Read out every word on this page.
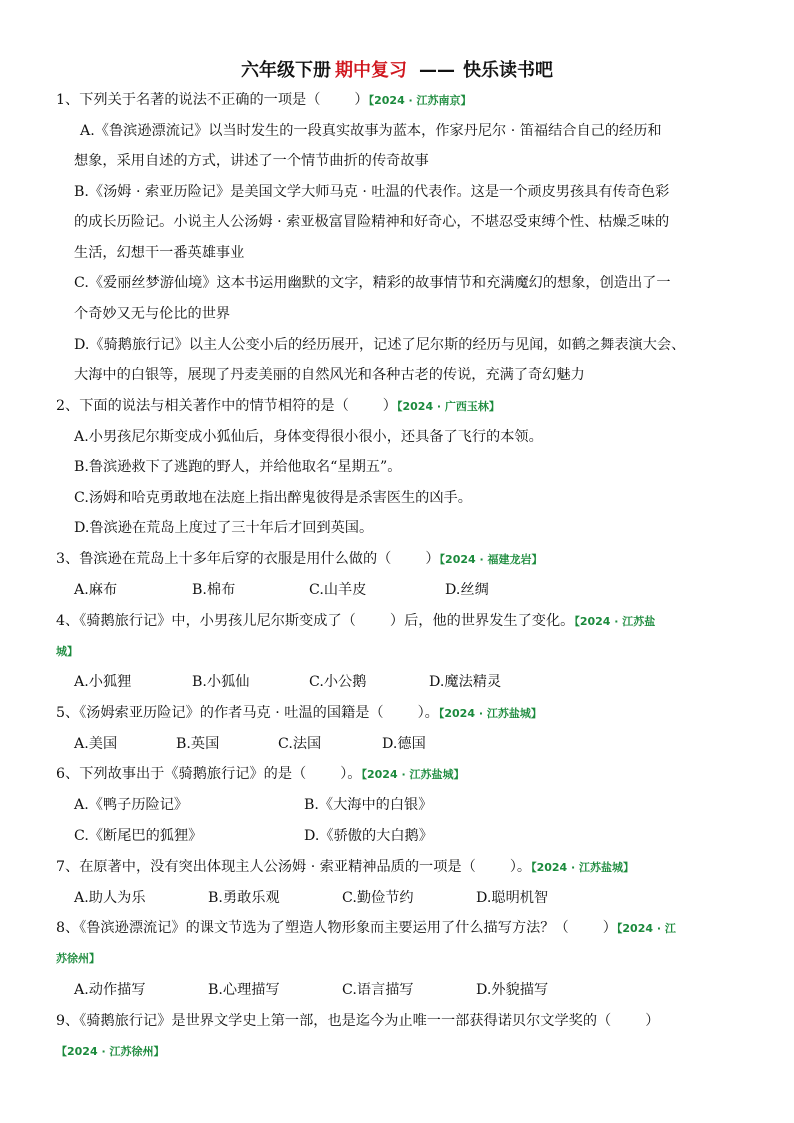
六年级下册 期中复习 —— 快乐读书吧
1、下列关于名著的说法不正确的一项是（ ）【2024 · 江苏南京】
A.《鲁滨逊漂流记》以当时发生的一段真实故事为蓝本，作家丹尼尔 · 笛福结合自己的经历和
想象，采用自述的方式，讲述了一个情节曲折的传奇故事
B.《汤姆 · 索亚历险记》是美国文学大师马克 · 吐温的代表作。这是一个顽皮男孩具有传奇色彩
的成长历险记。小说主人公汤姆 · 索亚极富冒险精神和好奇心，不堪忍受束缚个性、枯燥乏味的
生活，幻想干一番英雄事业
C.《爱丽丝梦游仙境》这本书运用幽默的文字，精彩的故事情节和充满魔幻的想象，创造出了一
个奇妙又无与伦比的世界
D.《骑鹅旅行记》以主人公变小后的经历展开，记述了尼尔斯的经历与见闻，如鹤之舞表演大会、
大海中的白银等，展现了丹麦美丽的自然风光和各种古老的传说，充满了奇幻魅力
2、下面的说法与相关著作中的情节相符的是（ ）【2024 · 广西玉林】
A.小男孩尼尔斯变成小狐仙后，身体变得很小很小，还具备了飞行的本领。
B.鲁滨逊救下了逃跑的野人，并给他取名“星期五”。
C.汤姆和哈克勇敢地在法庭上指出醉鬼彼得是杀害医生的凶手。
D.鲁滨逊在荒岛上度过了三十年后才回到英国。
3、鲁滨逊在荒岛上十多年后穿的衣服是用什么做的（ ）【2024 · 福建龙岩】
A.麻布	B.棉布	C.山羊皮	D.丝绸
4、《骑鹅旅行记》中，小男孩儿尼尔斯变成了（ ）后，他的世界发生了变化。【2024 · 江苏盐
城】
A.小狐狸	B.小狐仙	C.小公鹅	D.魔法精灵
5、《汤姆索亚历险记》的作者马克 · 吐温的国籍是（ ）。【2024 · 江苏盐城】
A.美国	B.英国	C.法国	D.德国
6、下列故事出于《骑鹅旅行记》的是（ ）。【2024 · 江苏盐城】
A.《鸭子历险记》	B.《大海中的白银》
C.《断尾巴的狐狸》	D.《骄傲的大白鹅》
7、在原著中，没有突出体现主人公汤姆 · 索亚精神品质的一项是（ ）。【2024 · 江苏盐城】
A.助人为乐	B.勇敢乐观	C.勤俭节约	D.聪明机智
8、《鲁滨逊漂流记》的课文节选为了塑造人物形象而主要运用了什么描写方法？（ ）【2024 · 江
苏徐州】
A.动作描写	B.心理描写	C.语言描写	D.外貌描写
9、《骑鹅旅行记》是世界文学史上第一部，也是迄今为止唯一一部获得诺贝尔文学奖的（ ）
【2024 · 江苏徐州】
